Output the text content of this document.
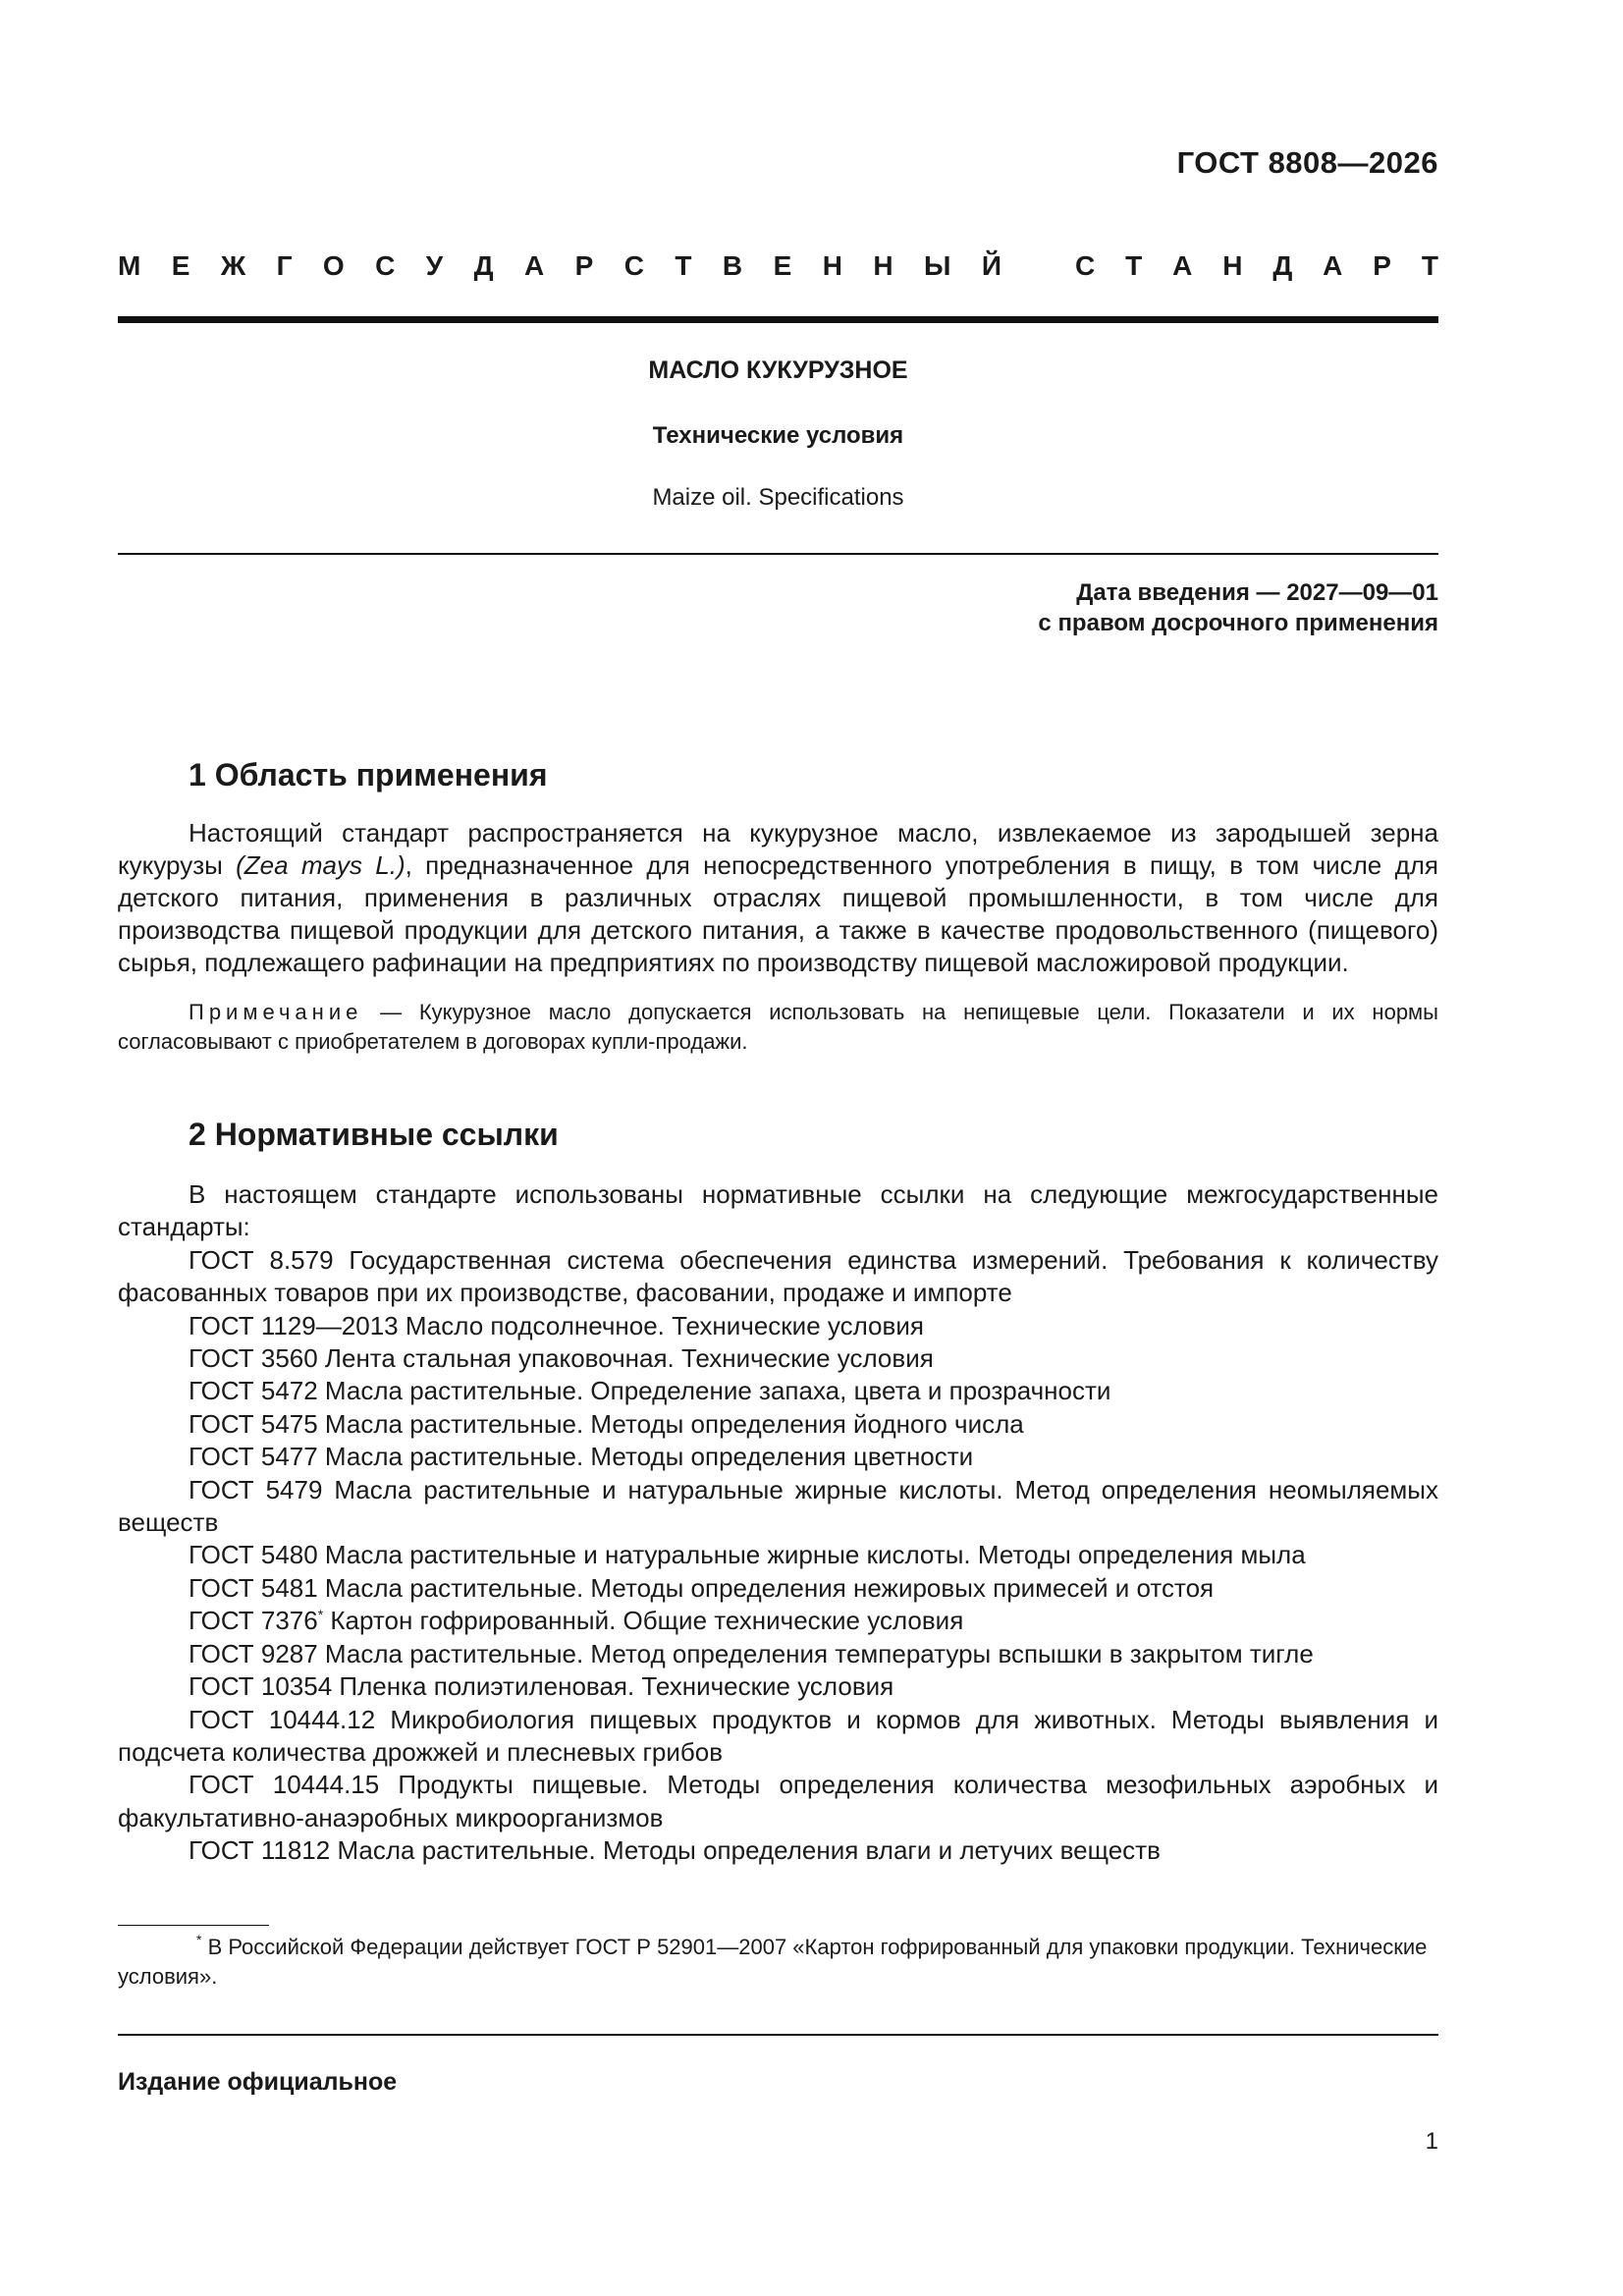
ГОСТ 8808—2026
М Е Ж Г О С У Д А Р С Т В Е Н Н Ы Й	С Т А Н Д А Р Т
МАСЛО КУКУРУЗНОЕ
Технические условия
Maize oil. Specifications
Дата введения — 2027—09—01
с правом досрочного применения
1 Область применения

Настоящий стандарт распространяется на кукурузное масло, извлекаемое из зародышей зерна кукурузы (Zea mays L.), предназначенное для непосредственного употребления в пищу, в том числе для детского питания, применения в различных отраслях пищевой промышленности, в том числе для производства пищевой продукции для детского питания, а также в качестве продовольственного (пищевого) сырья, подлежащего рафинации на предприятиях по производству пищевой масложировой продукции.

Примечание — Кукурузное масло допускается использовать на непищевые цели. Показатели и их нормы согласовывают с приобретателем в договорах купли-продажи.

2 Нормативные ссылки

В настоящем стандарте использованы нормативные ссылки на следующие межгосударственные стандарты:

ГОСТ 8.579 Государственная система обеспечения единства измерений. Требования к количеству фасованных товаров при их производстве, фасовании, продаже и импорте

ГОСТ 1129—2013 Масло подсолнечное. Технические условия

ГОСТ 3560 Лента стальная упаковочная. Технические условия

ГОСТ 5472 Масла растительные. Определение запаха, цвета и прозрачности

ГОСТ 5475 Масла растительные. Методы определения йодного числа

ГОСТ 5477 Масла растительные. Методы определения цветности

ГОСТ 5479 Масла растительные и натуральные жирные кислоты. Метод определения неомыляемых веществ

ГОСТ 5480 Масла растительные и натуральные жирные кислоты. Методы определения мыла

ГОСТ 5481 Масла растительные. Методы определения нежировых примесей и отстоя

ГОСТ 7376* Картон гофрированный. Общие технические условия

ГОСТ 9287 Масла растительные. Метод определения температуры вспышки в закрытом тигле

ГОСТ 10354 Пленка полиэтиленовая. Технические условия

ГОСТ 10444.12 Микробиология пищевых продуктов и кормов для животных. Методы выявления и подсчета количества дрожжей и плесневых грибов

ГОСТ 10444.15 Продукты пищевые. Методы определения количества мезофильных аэробных и факультативно-анаэробных микроорганизмов

ГОСТ 11812 Масла растительные. Методы определения влаги и летучих веществ

* В Российской Федерации действует ГОСТ Р 52901—2007 «Картон гофрированный для упаковки продукции. Технические условия».

Издание официальное
1
